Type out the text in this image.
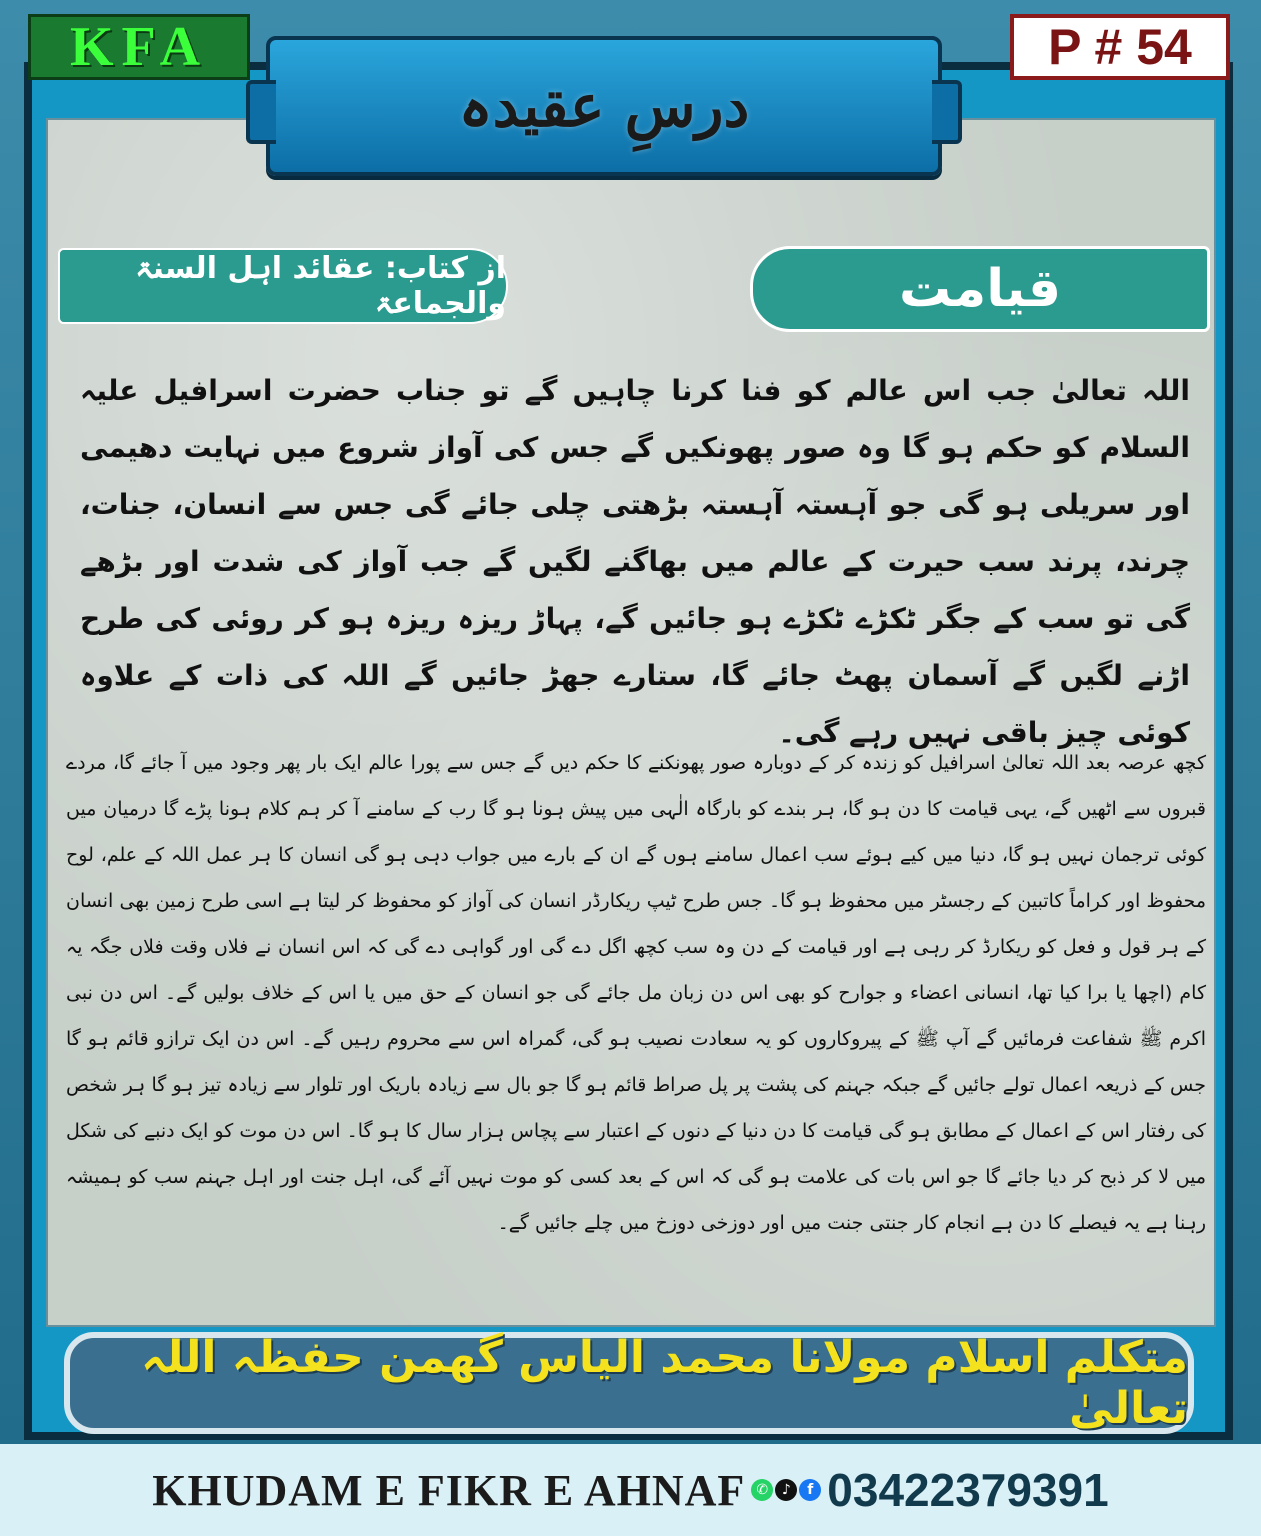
KFA	P # 54
درسِ عقیدہ
از کتاب: عقائد اہل السنۃ والجماعۃ	قیامت
اللہ تعالیٰ جب اس عالم کو فنا کرنا چاہیں گے تو جناب حضرت اسرافیل علیہ السلام کو حکم ہو گا وہ صور پھونکیں گے جس کی آواز شروع میں نہایت دھیمی اور سریلی ہو گی جو آہستہ آہستہ بڑھتی چلی جائے گی جس سے انسان، جنات، چرند، پرند سب حیرت کے عالم میں بھاگنے لگیں گے جب آواز کی شدت اور بڑھے گی تو سب کے جگر ٹکڑے ٹکڑے ہو جائیں گے، پہاڑ ریزہ ریزہ ہو کر روئی کی طرح اڑنے لگیں گے آسمان پھٹ جائے گا، ستارے جھڑ جائیں گے اللہ کی ذات کے علاوہ کوئی چیز باقی نہیں رہے گی۔
کچھ عرصہ بعد اللہ تعالیٰ اسرافیل کو زندہ کر کے دوبارہ صور پھونکنے کا حکم دیں گے جس سے پورا عالم ایک بار پھر وجود میں آ جائے گا، مردے قبروں سے اٹھیں گے، یہی قیامت کا دن ہو گا، ہر بندے کو بارگاہ الٰہی میں پیش ہونا ہو گا رب کے سامنے آ کر ہم کلام ہونا پڑے گا درمیان میں کوئی ترجمان نہیں ہو گا، دنیا میں کیے ہوئے سب اعمال سامنے ہوں گے ان کے بارے میں جواب دہی ہو گی انسان کا ہر عمل اللہ کے علم، لوح محفوظ اور کراماً کاتبین کے رجسٹر میں محفوظ ہو گا۔ جس طرح ٹیپ ریکارڈر انسان کی آواز کو محفوظ کر لیتا ہے اسی طرح زمین بھی انسان کے ہر قول و فعل کو ریکارڈ کر رہی ہے اور قیامت کے دن وہ سب کچھ اگل دے گی اور گواہی دے گی کہ اس انسان نے فلاں وقت فلاں جگہ یہ کام (اچھا یا برا کیا تھا، انسانی اعضاء و جوارح کو بھی اس دن زبان مل جائے گی جو انسان کے حق میں یا اس کے خلاف بولیں گے۔ اس دن نبی اکرم ﷺ شفاعت فرمائیں گے آپ ﷺ کے پیروکاروں کو یہ سعادت نصیب ہو گی، گمراہ اس سے محروم رہیں گے۔ اس دن ایک ترازو قائم ہو گا جس کے ذریعہ اعمال تولے جائیں گے جبکہ جہنم کی پشت پر پل صراط قائم ہو گا جو بال سے زیادہ باریک اور تلوار سے زیادہ تیز ہو گا ہر شخص کی رفتار اس کے اعمال کے مطابق ہو گی قیامت کا دن دنیا کے دنوں کے اعتبار سے پچاس ہزار سال کا ہو گا۔ اس دن موت کو ایک دنبے کی شکل میں لا کر ذبح کر دیا جائے گا جو اس بات کی علامت ہو گی کہ اس کے بعد کسی کو موت نہیں آئے گی، اہل جنت اور اہل جہنم سب کو ہمیشہ رہنا ہے یہ فیصلے کا دن ہے انجام کار جنتی جنت میں اور دوزخی دوزخ میں چلے جائیں گے۔
متکلم اسلام مولانا محمد الیاس گھمن حفظہ اللہ تعالیٰ
KHUDAM E FIKR E AHNAF ✆ ♪	f 03422379391
